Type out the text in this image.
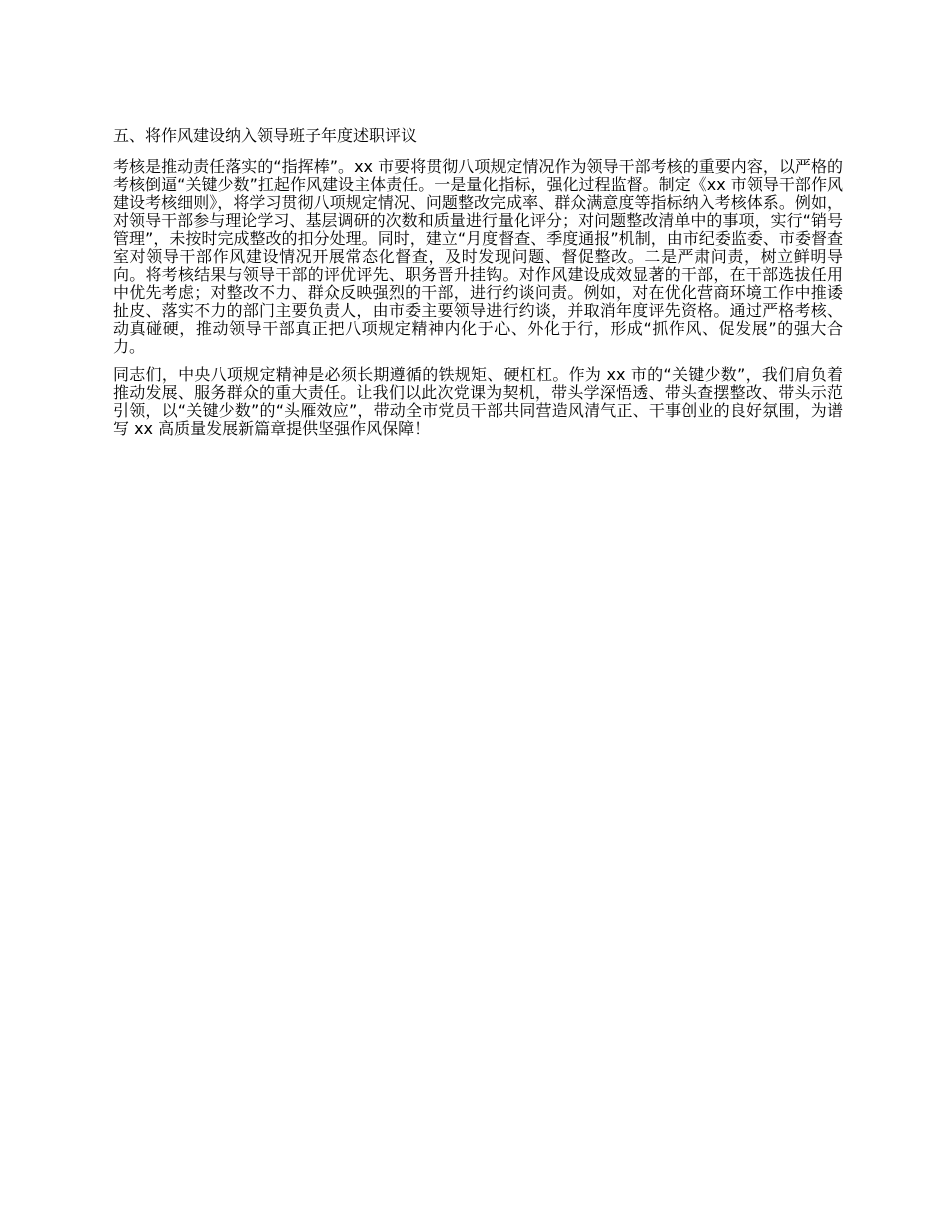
五、将作风建设纳入领导班子年度述职评议

考核是推动责任落实的“指挥棒”。xx 市要将贯彻八项规定情况作为领导干部考核的重要内容，以严格的考核倒逼“关键少数”扛起作风建设主体责任。一是量化指标，强化过程监督。制定《xx 市领导干部作风建设考核细则》，将学习贯彻八项规定情况、问题整改完成率、群众满意度等指标纳入考核体系。例如，对领导干部参与理论学习、基层调研的次数和质量进行量化评分；对问题整改清单中的事项，实行“销号管理”，未按时完成整改的扣分处理。同时，建立“月度督查、季度通报”机制，由市纪委监委、市委督查室对领导干部作风建设情况开展常态化督查，及时发现问题、督促整改。二是严肃问责，树立鲜明导向。将考核结果与领导干部的评优评先、职务晋升挂钩。对作风建设成效显著的干部，在干部选拔任用中优先考虑；对整改不力、群众反映强烈的干部，进行约谈问责。例如，对在优化营商环境工作中推诿扯皮、落实不力的部门主要负责人，由市委主要领导进行约谈，并取消年度评先资格。通过严格考核、动真碰硬，推动领导干部真正把八项规定精神内化于心、外化于行，形成“抓作风、促发展”的强大合力。

同志们，中央八项规定精神是必须长期遵循的铁规矩、硬杠杠。作为 xx 市的“关键少数”，我们肩负着推动发展、服务群众的重大责任。让我们以此次党课为契机，带头学深悟透、带头查摆整改、带头示范引领，以“关键少数”的“头雁效应”，带动全市党员干部共同营造风清气正、干事创业的良好氛围，为谱写 xx 高质量发展新篇章提供坚强作风保障！
